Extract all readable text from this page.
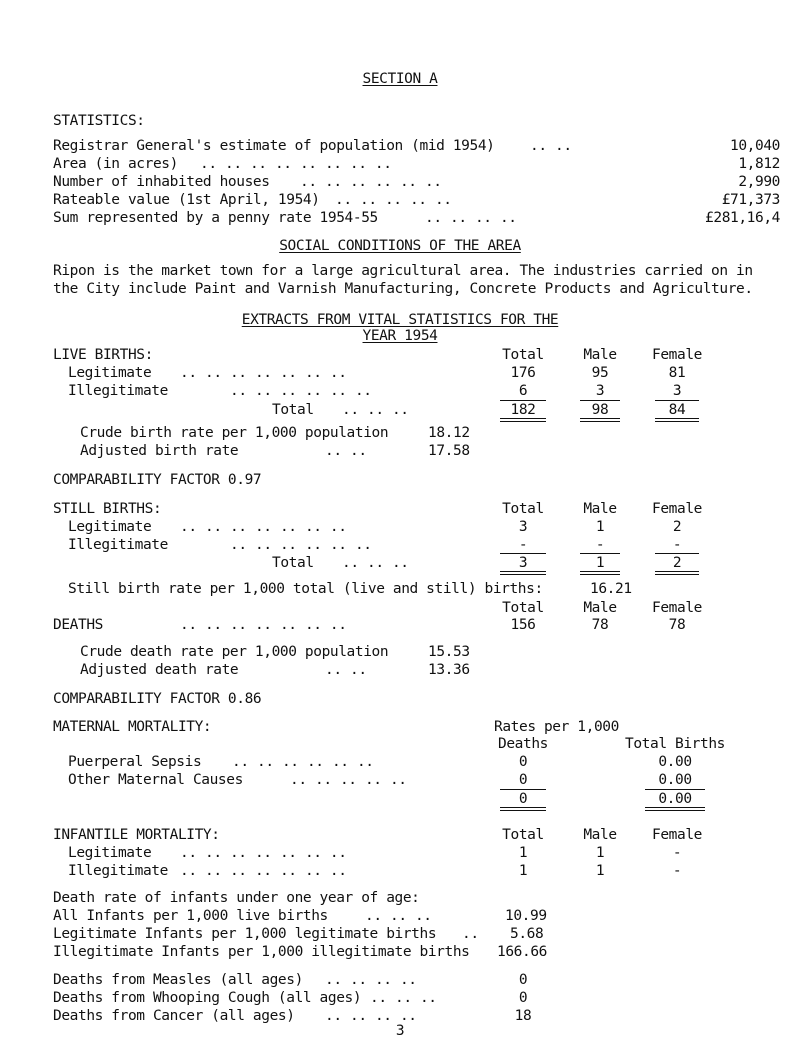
SECTION A
STATISTICS:
Registrar General's estimate of population (mid 1954) .. ..	10,040
Area (in acres) .. .. .. .. .. .. .. ..	1,812
Number of inhabited houses .. .. .. .. .. ..	2,990
Rateable value (1st April, 1954) .. .. .. .. ..	£71,373
Sum represented by a penny rate 1954-55	.. .. .. ..	£281,16,4
SOCIAL CONDITIONS OF THE AREA
Ripon is the market town for a large agricultural area. The industries carried on in
the City include Paint and Varnish Manufacturing, Concrete Products and Agriculture.
EXTRACTS FROM VITAL STATISTICS FOR THE
YEAR 1954
LIVE BIRTHS:	Total	Male Female
Legitimate .. .. .. .. .. .. ..	176	95	81
Illegitimate	.. .. .. .. .. ..	6	3	3
Total .. .. ..	182	98	84
Crude birth rate per 1,000 population	18.12
Adjusted birth rate	.. ..	17.58
COMPARABILITY FACTOR 0.97
STILL BIRTHS:	Total	Male Female
Legitimate .. .. .. .. .. .. ..	3	1	2
Illegitimate	.. .. .. .. .. ..	-	-	-
Total .. .. ..	3	1	2
Still birth rate per 1,000 total (live and still) births:	16.21
Total	Male Female
DEATHS	.. .. .. .. .. .. ..	156	78	78
Crude death rate per 1,000 population	15.53
Adjusted death rate	.. ..	13.36
COMPARABILITY FACTOR 0.86
MATERNAL MORTALITY:	Rates per 1,000
Deaths	Total Births
Puerperal Sepsis .. .. .. .. .. ..	0	0.00
Other Maternal Causes	.. .. .. .. ..	0	0.00
0	0.00
INFANTILE MORTALITY:	Total	Male Female
Legitimate .. .. .. .. .. .. ..	1	1	-
Illegitimate .. .. .. .. .. .. ..	1	1	-
Death rate of infants under one year of age:
All Infants per 1,000 live births	.. .. ..	10.99
Legitimate Infants per 1,000 legitimate births .. 5.68
Illegitimate Infants per 1,000 illegitimate births 166.66
Deaths from Measles (all ages) .. .. .. ..	0
Deaths from Whooping Cough (all ages) .. .. ..	0
Deaths from Cancer (all ages) .. .. .. ..	18
3
